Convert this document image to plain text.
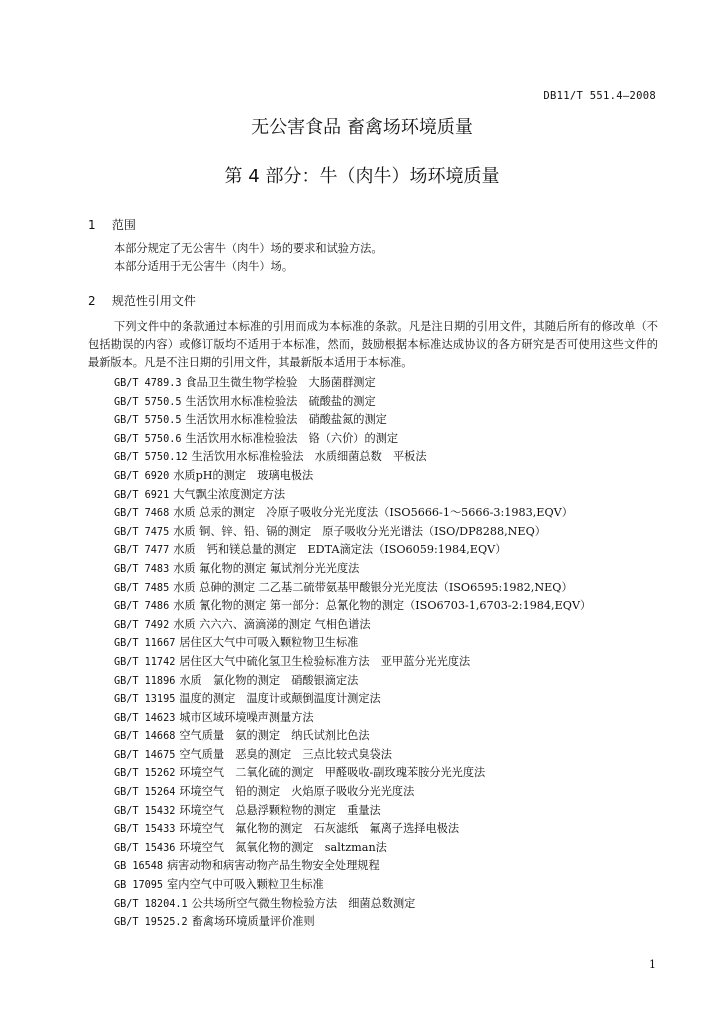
DB11/T 551.4—2008
无公害食品 畜禽场环境质量
第 4 部分：牛（肉牛）场环境质量
1 范围
本部分规定了无公害牛（肉牛）场的要求和试验方法。
本部分适用于无公害牛（肉牛）场。
2 规范性引用文件
下列文件中的条款通过本标准的引用而成为本标准的条款。凡是注日期的引用文件，其随后所有的修改单（不包括勘误的内容）或修订版均不适用于本标准，然而，鼓励根据本标准达成协议的各方研究是否可使用这些文件的最新版本。凡是不注日期的引用文件，其最新版本适用于本标准。
GB/T 4789.3 食品卫生微生物学检验　大肠菌群测定
GB/T 5750.5 生活饮用水标准检验法　硫酸盐的测定
GB/T 5750.5 生活饮用水标准检验法　硝酸盐氮的测定
GB/T 5750.6 生活饮用水标准检验法　铬（六价）的测定
GB/T 5750.12 生活饮用水标准检验法　水质细菌总数　平板法
GB/T 6920 水质pH的测定　玻璃电极法
GB/T 6921 大气飘尘浓度测定方法
GB/T 7468 水质 总汞的测定　冷原子吸收分光光度法（ISO5666-1～5666-3:1983,EQV）
GB/T 7475 水质 铜、锌、铅、镉的测定　原子吸收分光光谱法（ISO/DP8288,NEQ）
GB/T 7477 水质　钙和镁总量的测定　EDTA滴定法（ISO6059:1984,EQV）
GB/T 7483 水质 氟化物的测定 氟试剂分光光度法
GB/T 7485 水质 总砷的测定 二乙基二硫带氨基甲酸银分光光度法（ISO6595:1982,NEQ）
GB/T 7486 水质 氰化物的测定 第一部分：总氰化物的测定（ISO6703-1,6703-2:1984,EQV）
GB/T 7492 水质 六六六、滴滴涕的测定 气相色谱法
GB/T 11667 居住区大气中可吸入颗粒物卫生标准
GB/T 11742 居住区大气中硫化氢卫生检验标准方法　亚甲蓝分光光度法
GB/T 11896 水质　氯化物的测定　硝酸银滴定法
GB/T 13195 温度的测定　温度计或颠倒温度计测定法
GB/T 14623 城市区域环境噪声测量方法
GB/T 14668 空气质量　氨的测定　纳氏试剂比色法
GB/T 14675 空气质量　恶臭的测定　三点比较式臭袋法
GB/T 15262 环境空气　二氧化硫的测定　甲醛吸收-副玫瑰苯胺分光光度法
GB/T 15264 环境空气　铅的测定　火焰原子吸收分光光度法
GB/T 15432 环境空气　总悬浮颗粒物的测定　重量法
GB/T 15433 环境空气　氟化物的测定　石灰滤纸　氟离子选择电极法
GB/T 15436 环境空气　氮氧化物的测定　saltzman法
GB 16548 病害动物和病害动物产品生物安全处理规程
GB 17095 室内空气中可吸入颗粒卫生标准
GB/T 18204.1 公共场所空气微生物检验方法　细菌总数测定
GB/T 19525.2 畜禽场环境质量评价准则
1
